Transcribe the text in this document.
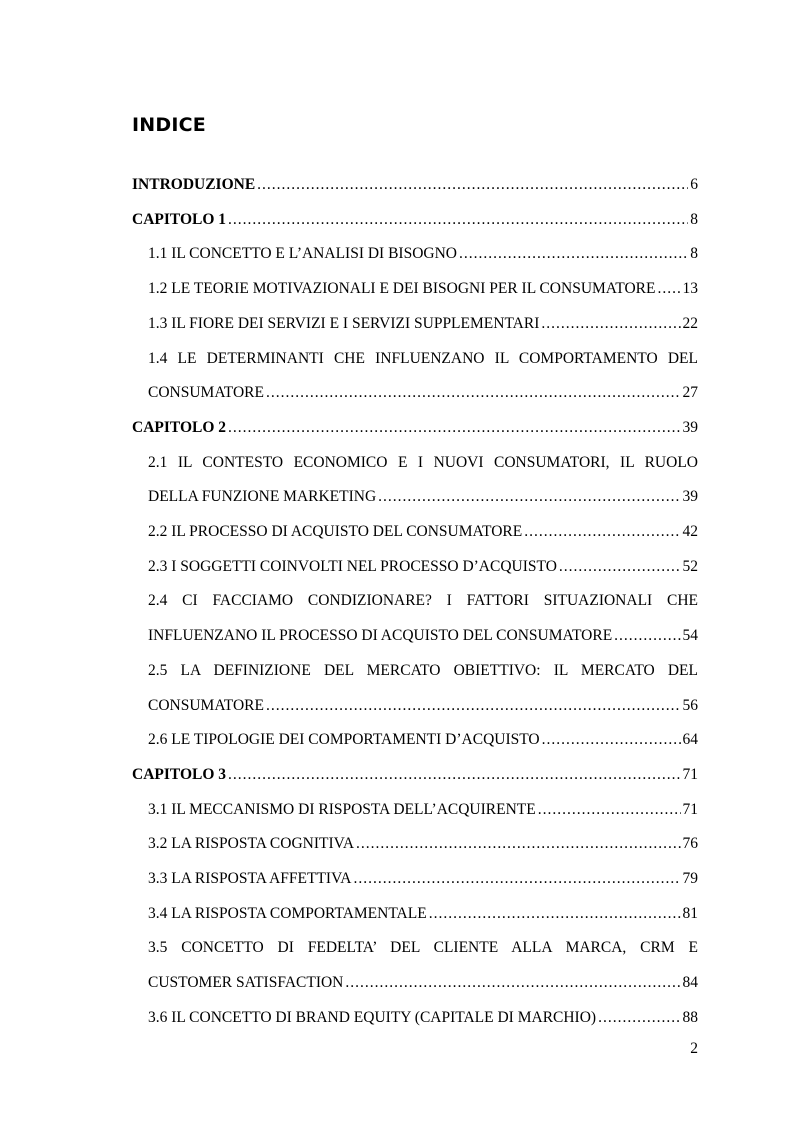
INDICE
INTRODUZIONE .....	6
CAPITOLO 1 .....	8
1.1 IL CONCETTO E L’ANALISI DI BISOGNO .....	8
1.2 LE TEORIE MOTIVAZIONALI E DEI BISOGNI PER IL CONSUMATORE ..... 13
1.3 IL FIORE DEI SERVIZI E I SERVIZI SUPPLEMENTARI .....	22
1.4 LE DETERMINANTI CHE INFLUENZANO IL COMPORTAMENTO DEL
CONSUMATORE .....	27
CAPITOLO 2 .....	39
2.1 IL CONTESTO ECONOMICO E I NUOVI CONSUMATORI, IL RUOLO
DELLA FUNZIONE MARKETING .....	39
2.2 IL PROCESSO DI ACQUISTO DEL CONSUMATORE .....	42
2.3 I SOGGETTI COINVOLTI NEL PROCESSO D’ACQUISTO .....	52
2.4 CI FACCIAMO CONDIZIONARE? I FATTORI SITUAZIONALI CHE
INFLUENZANO IL PROCESSO DI ACQUISTO DEL CONSUMATORE .....	54
2.5 LA DEFINIZIONE DEL MERCATO OBIETTIVO: IL MERCATO DEL
CONSUMATORE .....	56
2.6 LE TIPOLOGIE DEI COMPORTAMENTI D’ACQUISTO .....	64
CAPITOLO 3 .....	71
3.1 IL MECCANISMO DI RISPOSTA DELL’ACQUIRENTE .....	71
3.2 LA RISPOSTA COGNITIVA .....	76
3.3 LA RISPOSTA AFFETTIVA .....	79
3.4 LA RISPOSTA COMPORTAMENTALE .....	81
3.5 CONCETTO DI FEDELTA’ DEL CLIENTE ALLA MARCA, CRM E
CUSTOMER SATISFACTION .....	84
3.6 IL CONCETTO DI BRAND EQUITY (CAPITALE DI MARCHIO) .....	88
2
